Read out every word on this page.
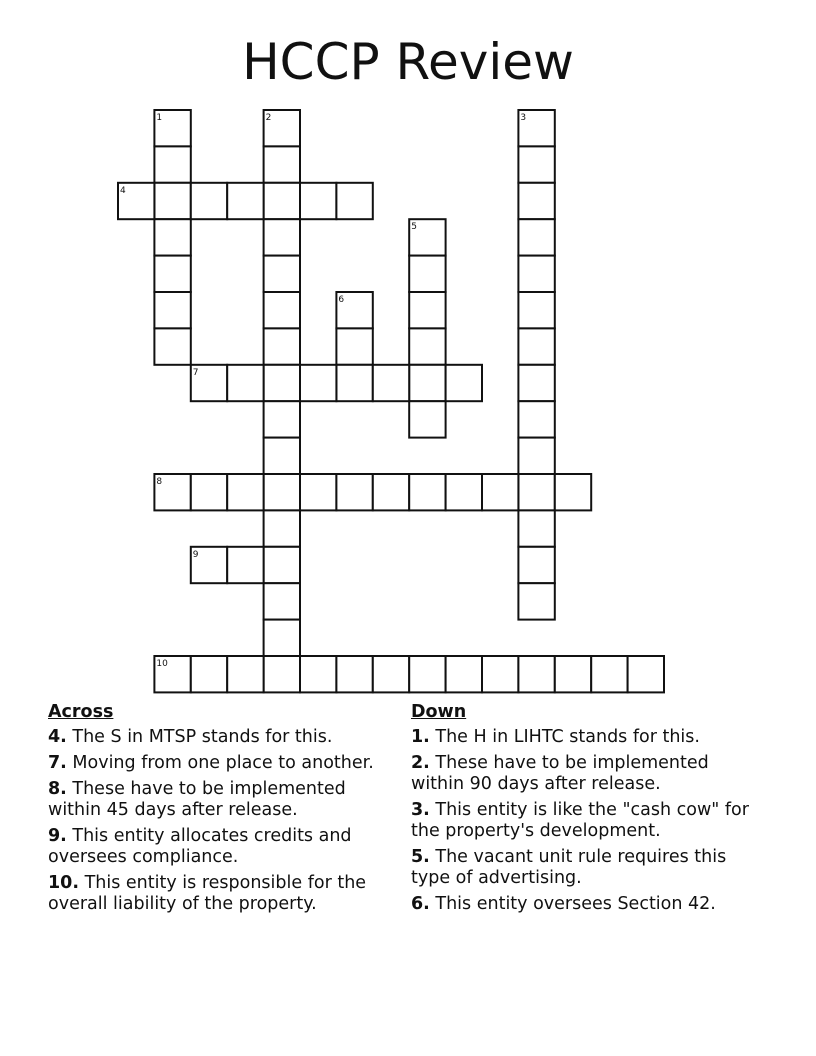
HCCP Review
1	2	3
4
5
6
7
8
9
10
Across
4. The S in MTSP stands for this.
7. Moving from one place to another.
8. These have to be implemented within 45 days after release.
9. This entity allocates credits and oversees compliance.
10. This entity is responsible for the overall liability of the property.
Down
1. The H in LIHTC stands for this.
2. These have to be implemented within 90 days after release.
3. This entity is like the "cash cow" for the property's development.
5. The vacant unit rule requires this type of advertising.
6. This entity oversees Section 42.
